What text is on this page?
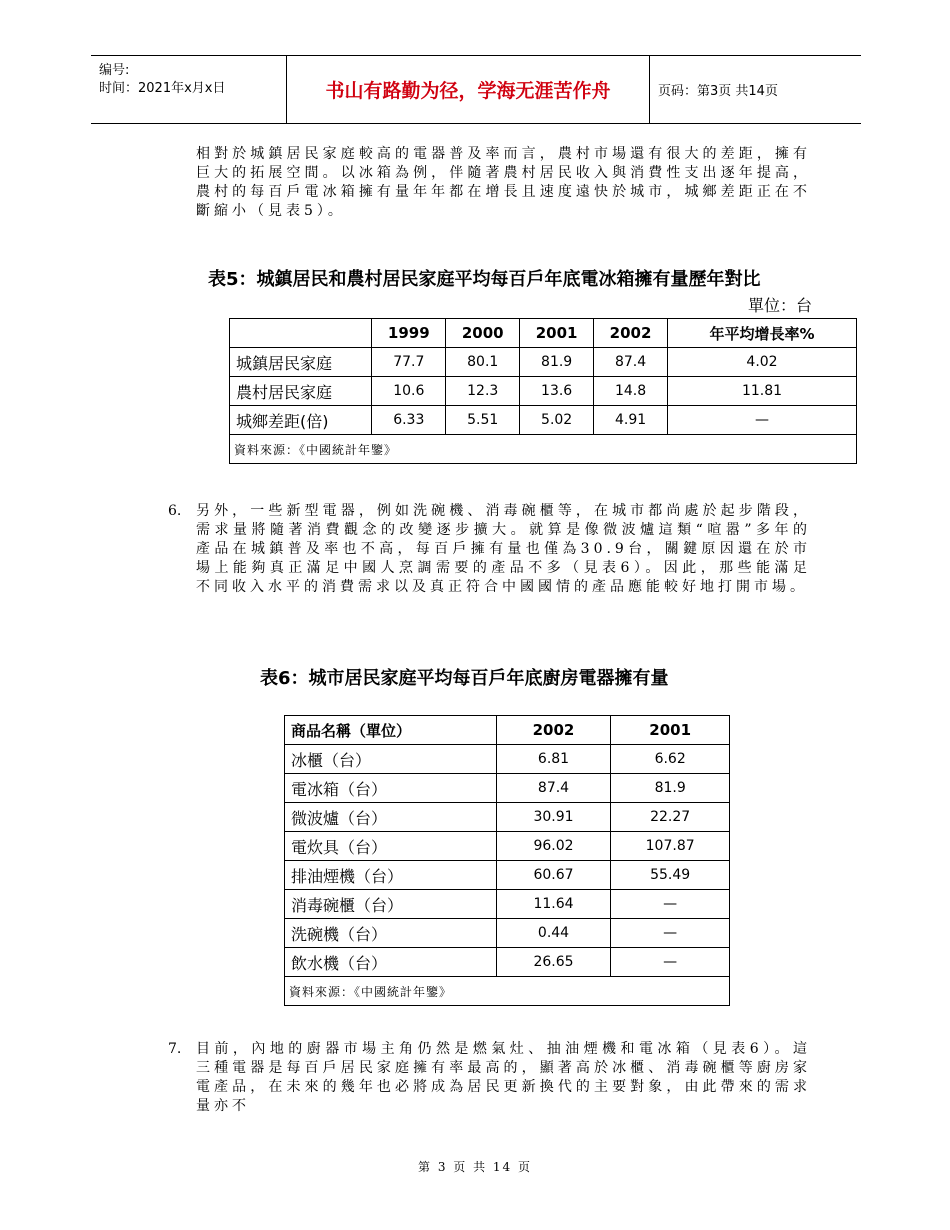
编号:
时间：2021年x月x日	书山有路勤为径，学海无涯苦作舟	页码：第3页 共14页
相對於城鎮居民家庭較高的電器普及率而言，農村市場還有很大的差距，擁有巨大的拓展空間。以冰箱為例，伴隨著農村居民收入與消費性支出逐年提高，農村的每百戶電冰箱擁有量年年都在增長且速度遠快於城市，城鄉差距正在不斷縮小（見表5）。
表5：城鎮居民和農村居民家庭平均每百戶年底電冰箱擁有量歷年對比
單位：台
	1999	2000	2001	2002	年平均增長率%
城鎮居民家庭	77.7	80.1	81.9	87.4	4.02
農村居民家庭	10.6	12.3	13.6	14.8	11.81
城鄉差距(倍)	6.33	5.51	5.02	4.91	—
資料來源：《中國統計年鑒》					
6. 另外，一些新型電器，例如洗碗機、消毒碗櫃等，在城市都尚處於起步階段，需求量將隨著消費觀念的改變逐步擴大。就算是像微波爐這類“喧嚣”多年的產品在城鎮普及率也不高，每百戶擁有量也僅為30.9台，關鍵原因還在於市場上能夠真正滿足中國人烹調需要的產品不多（見表6）。因此，那些能滿足不同收入水平的消費需求以及真正符合中國國情的產品應能較好地打開市場。
表6：城市居民家庭平均每百戶年底廚房電器擁有量
商品名稱（單位）	2002	2001
冰櫃（台）	6.81	6.62
電冰箱（台）	87.4	81.9
微波爐（台）	30.91	22.27
電炊具（台）	96.02	107.87
排油煙機（台）	60.67	55.49
消毒碗櫃（台）	11.64	—
洗碗機（台）	0.44	—
飲水機（台）	26.65	—
資料來源：《中國統計年鑒》		
7. 目前，內地的廚器市場主角仍然是燃氣灶、抽油煙機和電冰箱（見表6）。這三種電器是每百戶居民家庭擁有率最高的，顯著高於冰櫃、消毒碗櫃等廚房家電產品，在未來的幾年也必將成為居民更新換代的主要對象，由此帶來的需求量亦不
第 3 页 共 14 页
